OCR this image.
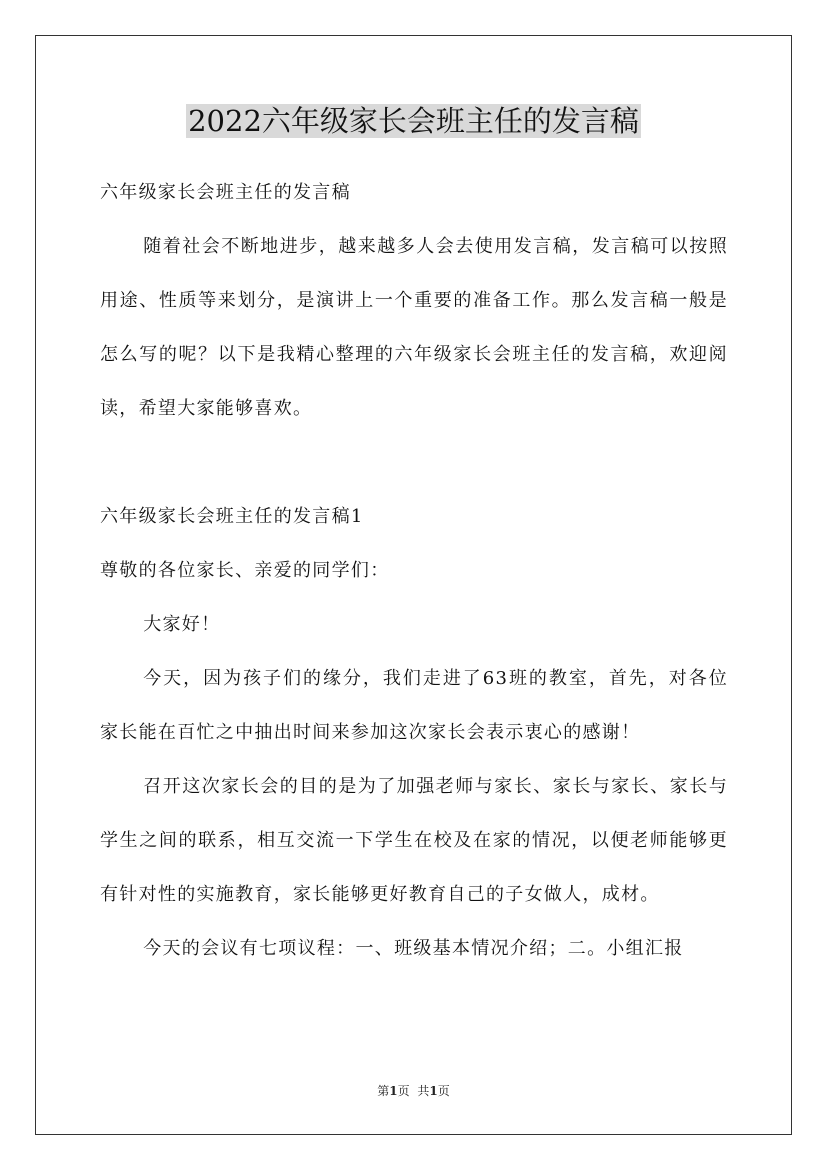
2022六年级家长会班主任的发言稿

六年级家长会班主任的发言稿

随着社会不断地进步，越来越多人会去使用发言稿，发言稿可以按照用途、性质等来划分，是演讲上一个重要的准备工作。那么发言稿一般是怎么写的呢？以下是我精心整理的六年级家长会班主任的发言稿，欢迎阅读，希望大家能够喜欢。

六年级家长会班主任的发言稿1

尊敬的各位家长、亲爱的同学们：

大家好！

今天，因为孩子们的缘分，我们走进了63班的教室，首先，对各位家长能在百忙之中抽出时间来参加这次家长会表示衷心的感谢！

召开这次家长会的目的是为了加强老师与家长、家长与家长、家长与学生之间的联系，相互交流一下学生在校及在家的情况，以便老师能够更有针对性的实施教育，家长能够更好教育自己的子女做人，成材。

今天的会议有七项议程：一、班级基本情况介绍；二。小组汇报

第1页 共1页
